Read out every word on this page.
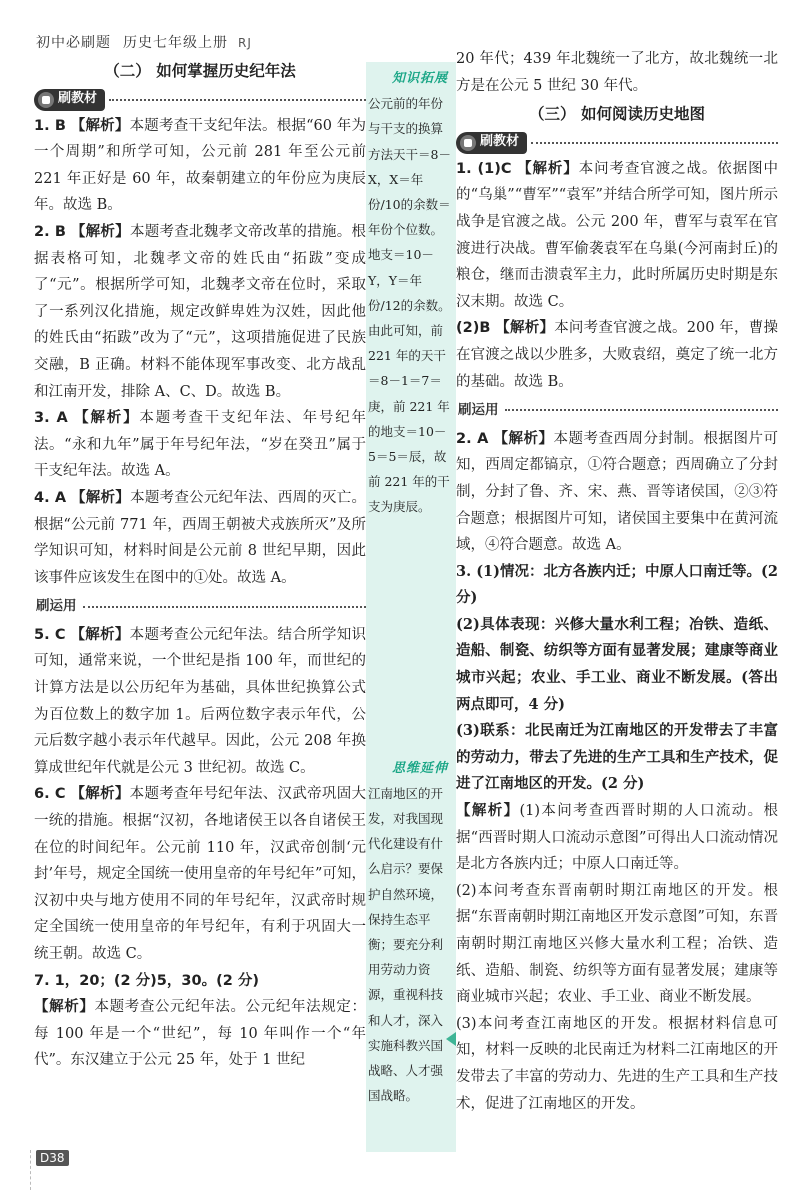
初中必刷题 历史七年级上册 RJ
（二） 如何掌握历史纪年法
刷教材

1. B 【解析】本题考查干支纪年法。根据“60 年为一个周期”和所学可知，公元前 281 年至公元前 221 年正好是 60 年，故秦朝建立的年份应为庚辰年。故选 B。

2. B 【解析】本题考查北魏孝文帝改革的措施。根据表格可知，北魏孝文帝的姓氏由“拓跋”变成了“元”。根据所学可知，北魏孝文帝在位时，采取了一系列汉化措施，规定改鲜卑姓为汉姓，因此他的姓氏由“拓跋”改为了“元”，这项措施促进了民族交融，B 正确。材料不能体现军事改变、北方战乱和江南开发，排除 A、C、D。故选 B。

3. A 【解析】本题考查干支纪年法、年号纪年法。“永和九年”属于年号纪年法，“岁在癸丑”属于干支纪年法。故选 A。

4. A 【解析】本题考查公元纪年法、西周的灭亡。根据“公元前 771 年，西周王朝被犬戎族所灭”及所学知识可知，材料时间是公元前 8 世纪早期，因此该事件应该发生在图中的①处。故选 A。

刷运用

5. C 【解析】本题考查公元纪年法。结合所学知识可知，通常来说，一个世纪是指 100 年，而世纪的计算方法是以公历纪年为基础，具体世纪换算公式为百位数上的数字加 1。后两位数字表示年代，公元后数字越小表示年代越早。因此，公元 208 年换算成世纪年代就是公元 3 世纪初。故选 C。

6. C 【解析】本题考查年号纪年法、汉武帝巩固大一统的措施。根据“汉初，各地诸侯王以各自诸侯王在位的时间纪年。公元前 110 年，汉武帝创制‘元封’年号，规定全国统一使用皇帝的年号纪年”可知，汉初中央与地方使用不同的年号纪年，汉武帝时规定全国统一使用皇帝的年号纪年，有利于巩固大一统王朝。故选 C。

7. 1，20；(2 分)5，30。(2 分)
【解析】本题考查公元纪年法。公元纪年法规定：每 100 年是一个“世纪”，每 10 年叫作一个“年代”。东汉建立于公元 25 年，处于 1 世纪

知识拓展
公元前的年份与干支的换算方法天干＝8－X，X＝年份/10的余数＝年份个位数。地支＝10－Y，Y＝年份/12的余数。由此可知，前 221 年的天干＝8－1＝7＝庚，前 221 年的地支＝10－5＝5＝辰，故前 221 年的干支为庚辰。
思维延伸
江南地区的开发，对我国现代化建设有什么启示？要保护自然环境，保持生态平衡；要充分利用劳动力资源，重视科技和人才，深入实施科教兴国战略、人才强国战略。

20 年代；439 年北魏统一了北方，故北魏统一北方是在公元 5 世纪 30 年代。

（三） 如何阅读历史地图
刷教材

1. (1)C 【解析】本问考查官渡之战。依据图中的“乌巢”“曹军”“袁军”并结合所学可知，图片所示战争是官渡之战。公元 200 年，曹军与袁军在官渡进行决战。曹军偷袭袁军在乌巢(今河南封丘)的粮仓，继而击溃袁军主力，此时所属历史时期是东汉末期。故选 C。

(2)B 【解析】本问考查官渡之战。200 年，曹操在官渡之战以少胜多，大败袁绍，奠定了统一北方的基础。故选 B。

刷运用

2. A 【解析】本题考查西周分封制。根据图片可知，西周定都镐京，①符合题意；西周确立了分封制，分封了鲁、齐、宋、燕、晋等诸侯国，②③符合题意；根据图片可知，诸侯国主要集中在黄河流域，④符合题意。故选 A。

3. (1)情况：北方各族内迁；中原人口南迁等。(2 分)

(2)具体表现：兴修大量水利工程；冶铁、造纸、造船、制瓷、纺织等方面有显著发展；建康等商业城市兴起；农业、手工业、商业不断发展。(答出两点即可，4 分)

(3)联系：北民南迁为江南地区的开发带去了丰富的劳动力，带去了先进的生产工具和生产技术，促进了江南地区的开发。(2 分)

【解析】(1)本问考查西晋时期的人口流动。根据“西晋时期人口流动示意图”可得出人口流动情况是北方各族内迁；中原人口南迁等。

(2)本问考查东晋南朝时期江南地区的开发。根据“东晋南朝时期江南地区开发示意图”可知，东晋南朝时期江南地区兴修大量水利工程；冶铁、造纸、造船、制瓷、纺织等方面有显著发展；建康等商业城市兴起；农业、手工业、商业不断发展。

(3)本问考查江南地区的开发。根据材料信息可知，材料一反映的北民南迁为材料二江南地区的开发带去了丰富的劳动力、先进的生产工具和生产技术，促进了江南地区的开发。

D38
